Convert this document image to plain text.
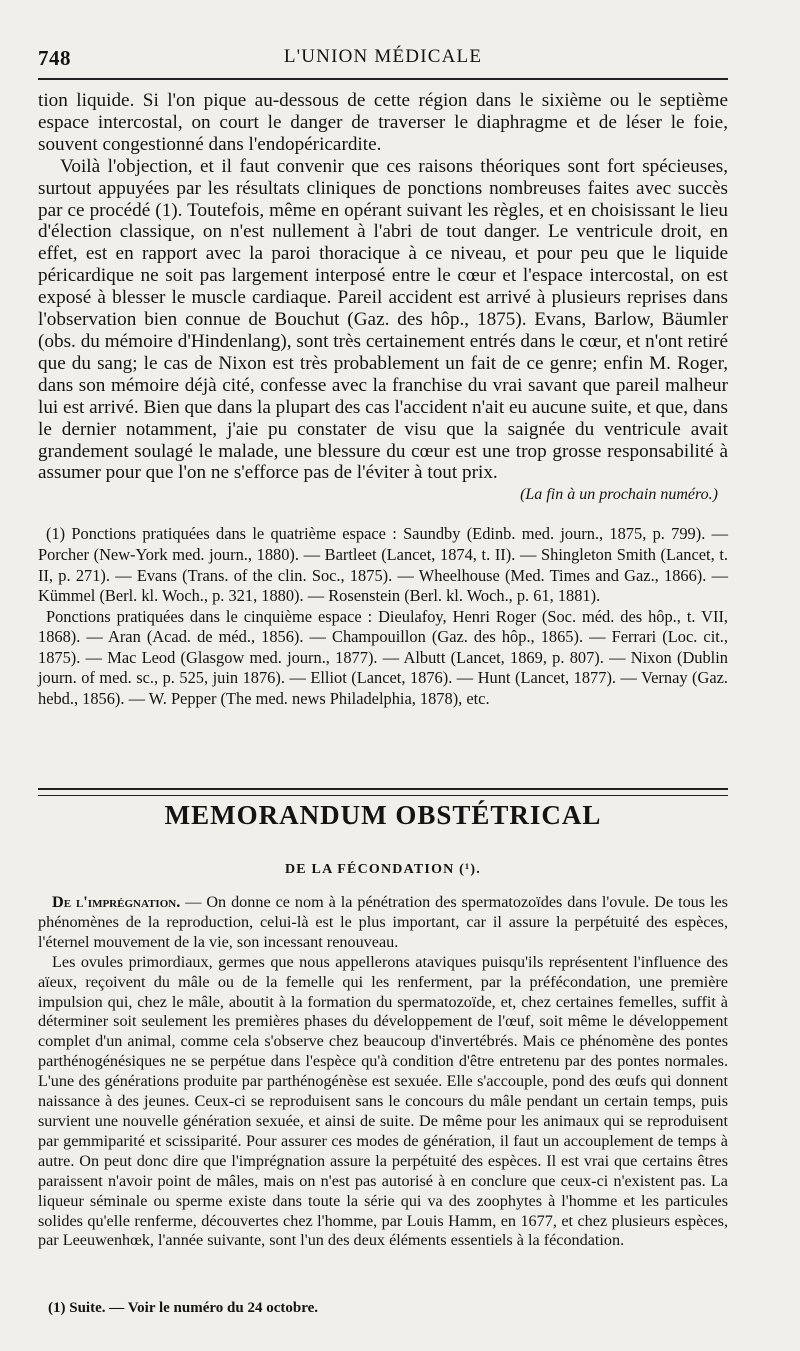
748	L'UNION MÉDICALE

tion liquide. Si l'on pique au-dessous de cette région dans le sixième ou le septième espace intercostal, on court le danger de traverser le diaphragme et de léser le foie, souvent congestionné dans l'endopéricardite.

Voilà l'objection, et il faut convenir que ces raisons théoriques sont fort spécieuses, surtout appuyées par les résultats cliniques de ponctions nombreuses faites avec succès par ce procédé (1). Toutefois, même en opérant suivant les règles, et en choisissant le lieu d'élection classique, on n'est nullement à l'abri de tout danger. Le ventricule droit, en effet, est en rapport avec la paroi thoracique à ce niveau, et pour peu que le liquide péricardique ne soit pas largement interposé entre le cœur et l'espace intercostal, on est exposé à blesser le muscle cardiaque. Pareil accident est arrivé à plusieurs reprises dans l'observation bien connue de Bouchut (Gaz. des hôp., 1875). Evans, Barlow, Bäumler (obs. du mémoire d'Hindenlang), sont très certainement entrés dans le cœur, et n'ont retiré que du sang; le cas de Nixon est très probablement un fait de ce genre; enfin M. Roger, dans son mémoire déjà cité, confesse avec la franchise du vrai savant que pareil malheur lui est arrivé. Bien que dans la plupart des cas l'accident n'ait eu aucune suite, et que, dans le dernier notamment, j'aie pu constater de visu que la saignée du ventricule avait grandement soulagé le malade, une blessure du cœur est une trop grosse responsabilité à assumer pour que l'on ne s'efforce pas de l'éviter à tout prix.

(La fin à un prochain numéro.)

(1) Ponctions pratiquées dans le quatrième espace : Saundby (Edinb. med. journ., 1875, p. 799). — Porcher (New-York med. journ., 1880). — Bartleet (Lancet, 1874, t. II). — Shingleton Smith (Lancet, t. II, p. 271). — Evans (Trans. of the clin. Soc., 1875). — Wheelhouse (Med. Times and Gaz., 1866). — Kümmel (Berl. kl. Woch., p. 321, 1880). — Rosenstein (Berl. kl. Woch., p. 61, 1881).

Ponctions pratiquées dans le cinquième espace : Dieulafoy, Henri Roger (Soc. méd. des hôp., t. VII, 1868). — Aran (Acad. de méd., 1856). — Champouillon (Gaz. des hôp., 1865). — Ferrari (Loc. cit., 1875). — Mac Leod (Glasgow med. journ., 1877). — Albutt (Lancet, 1869, p. 807). — Nixon (Dublin journ. of med. sc., p. 525, juin 1876). — Elliot (Lancet, 1876). — Hunt (Lancet, 1877). — Vernay (Gaz. hebd., 1856). — W. Pepper (The med. news Philadelphia, 1878), etc.

MEMORANDUM OBSTÉTRICAL
DE LA FÉCONDATION (¹).

De l'imprégnation. — On donne ce nom à la pénétration des spermatozoïdes dans l'ovule. De tous les phénomènes de la reproduction, celui-là est le plus important, car il assure la perpétuité des espèces, l'éternel mouvement de la vie, son incessant renouveau.

Les ovules primordiaux, germes que nous appellerons ataviques puisqu'ils représentent l'influence des aïeux, reçoivent du mâle ou de la femelle qui les renferment, par la préfécondation, une première impulsion qui, chez le mâle, aboutit à la formation du spermatozoïde, et, chez certaines femelles, suffit à déterminer soit seulement les premières phases du développement de l'œuf, soit même le développement complet d'un animal, comme cela s'observe chez beaucoup d'invertébrés. Mais ce phénomène des pontes parthénogénésiques ne se perpétue dans l'espèce qu'à condition d'être entretenu par des pontes normales. L'une des générations produite par parthénogénèse est sexuée. Elle s'accouple, pond des œufs qui donnent naissance à des jeunes. Ceux-ci se reproduisent sans le concours du mâle pendant un certain temps, puis survient une nouvelle génération sexuée, et ainsi de suite. De même pour les animaux qui se reproduisent par gemmiparité et scissiparité. Pour assurer ces modes de génération, il faut un accouplement de temps à autre. On peut donc dire que l'imprégnation assure la perpétuité des espèces. Il est vrai que certains êtres paraissent n'avoir point de mâles, mais on n'est pas autorisé à en conclure que ceux-ci n'existent pas. La liqueur séminale ou sperme existe dans toute la série qui va des zoophytes à l'homme et les particules solides qu'elle renferme, découvertes chez l'homme, par Louis Hamm, en 1677, et chez plusieurs espèces, par Leeuwenhœk, l'année suivante, sont l'un des deux éléments essentiels à la fécondation.

(1) Suite. — Voir le numéro du 24 octobre.
